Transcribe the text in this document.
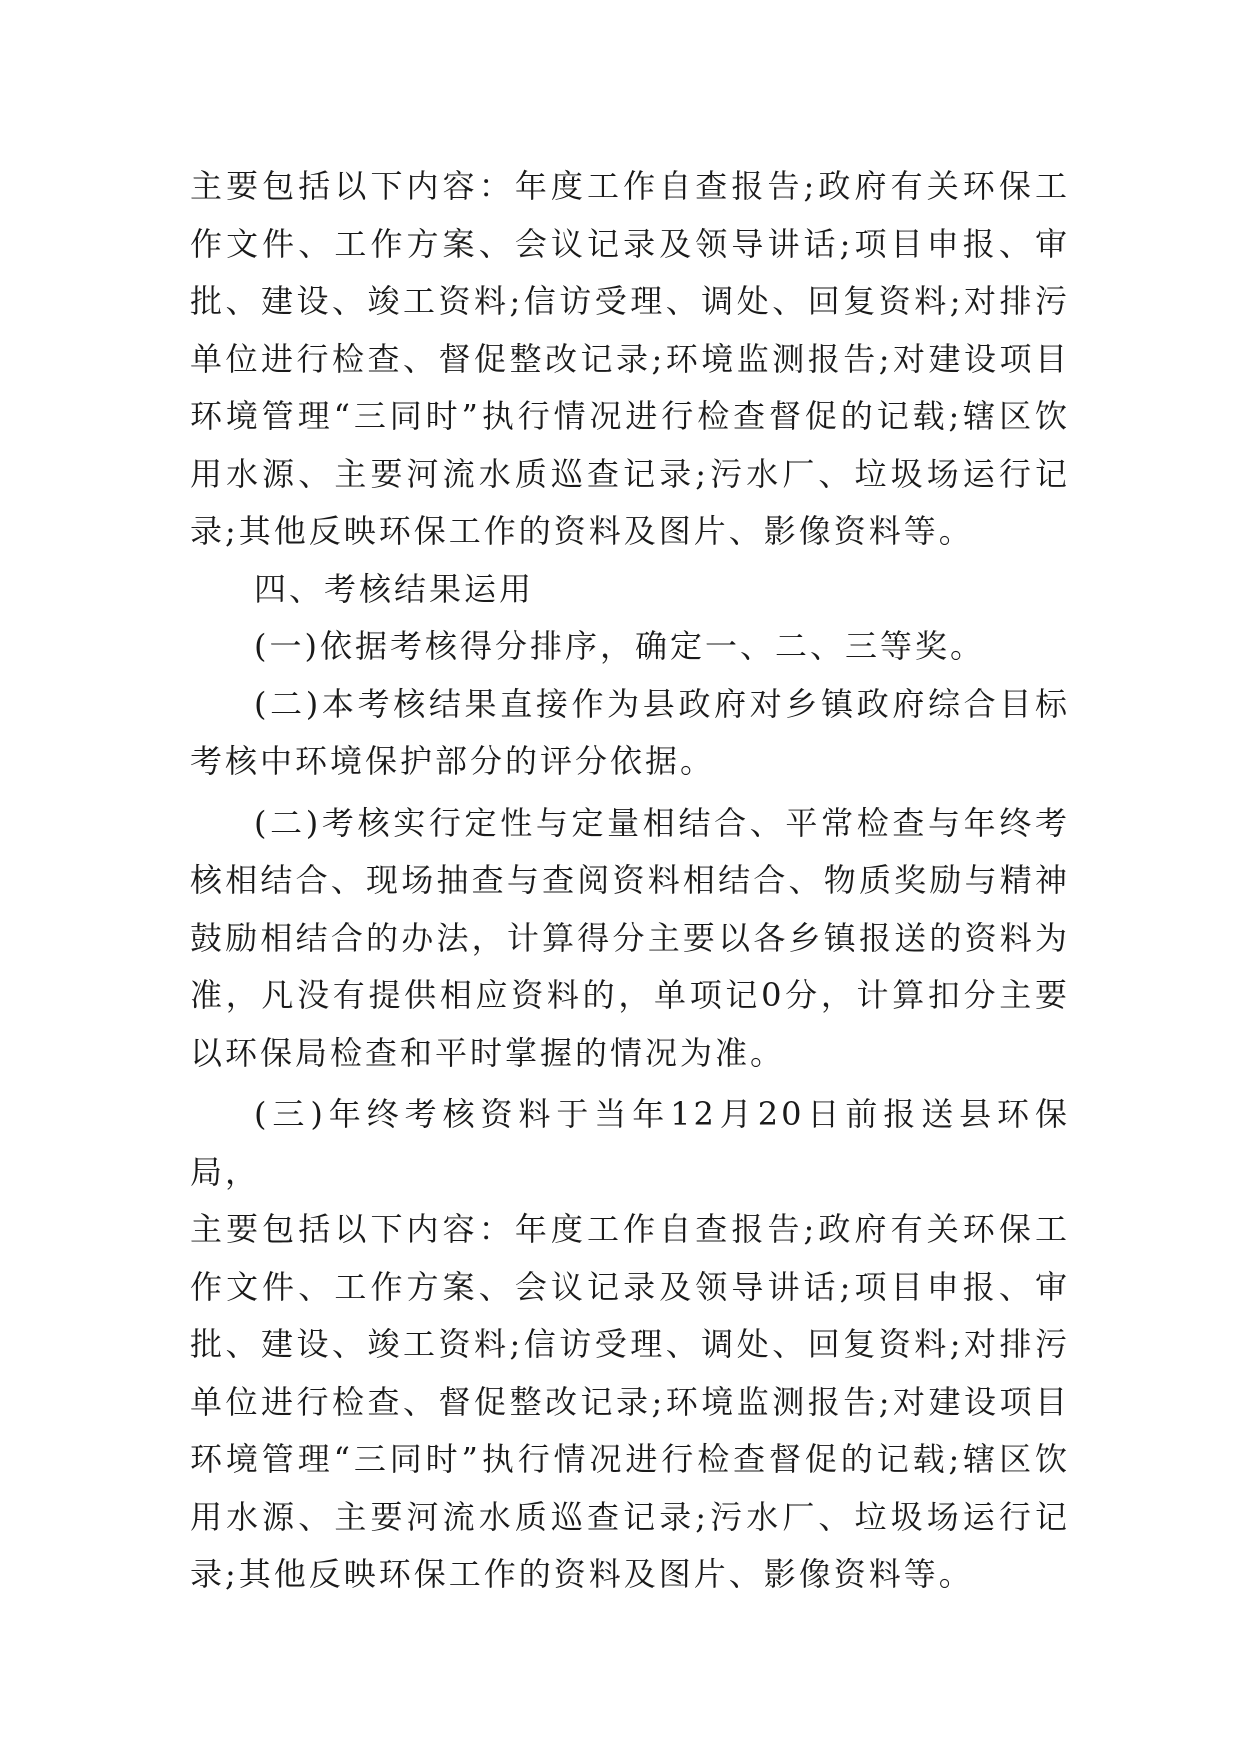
主要包括以下内容：年度工作自查报告;政府有关环保工作文件、工作方案、会议记录及领导讲话;项目申报、审批、建设、竣工资料;信访受理、调处、回复资料;对排污单位进行检查、督促整改记录;环境监测报告;对建设项目环境管理“三同时”执行情况进行检查督促的记载;辖区饮用水源、主要河流水质巡查记录;污水厂、垃圾场运行记录;其他反映环保工作的资料及图片、影像资料等。

四、考核结果运用

(一)依据考核得分排序，确定一、二、三等奖。

(二)本考核结果直接作为县政府对乡镇政府综合目标考核中环境保护部分的评分依据。

(二)考核实行定性与定量相结合、平常检查与年终考核相结合、现场抽查与查阅资料相结合、物质奖励与精神鼓励相结合的办法，计算得分主要以各乡镇报送的资料为准，凡没有提供相应资料的，单项记0分，计算扣分主要以环保局检查和平时掌握的情况为准。

(三)年终考核资料于当年12月20日前报送县环保局，

主要包括以下内容：年度工作自查报告;政府有关环保工作文件、工作方案、会议记录及领导讲话;项目申报、审批、建设、竣工资料;信访受理、调处、回复资料;对排污单位进行检查、督促整改记录;环境监测报告;对建设项目环境管理“三同时”执行情况进行检查督促的记载;辖区饮用水源、主要河流水质巡查记录;污水厂、垃圾场运行记录;其他反映环保工作的资料及图片、影像资料等。
